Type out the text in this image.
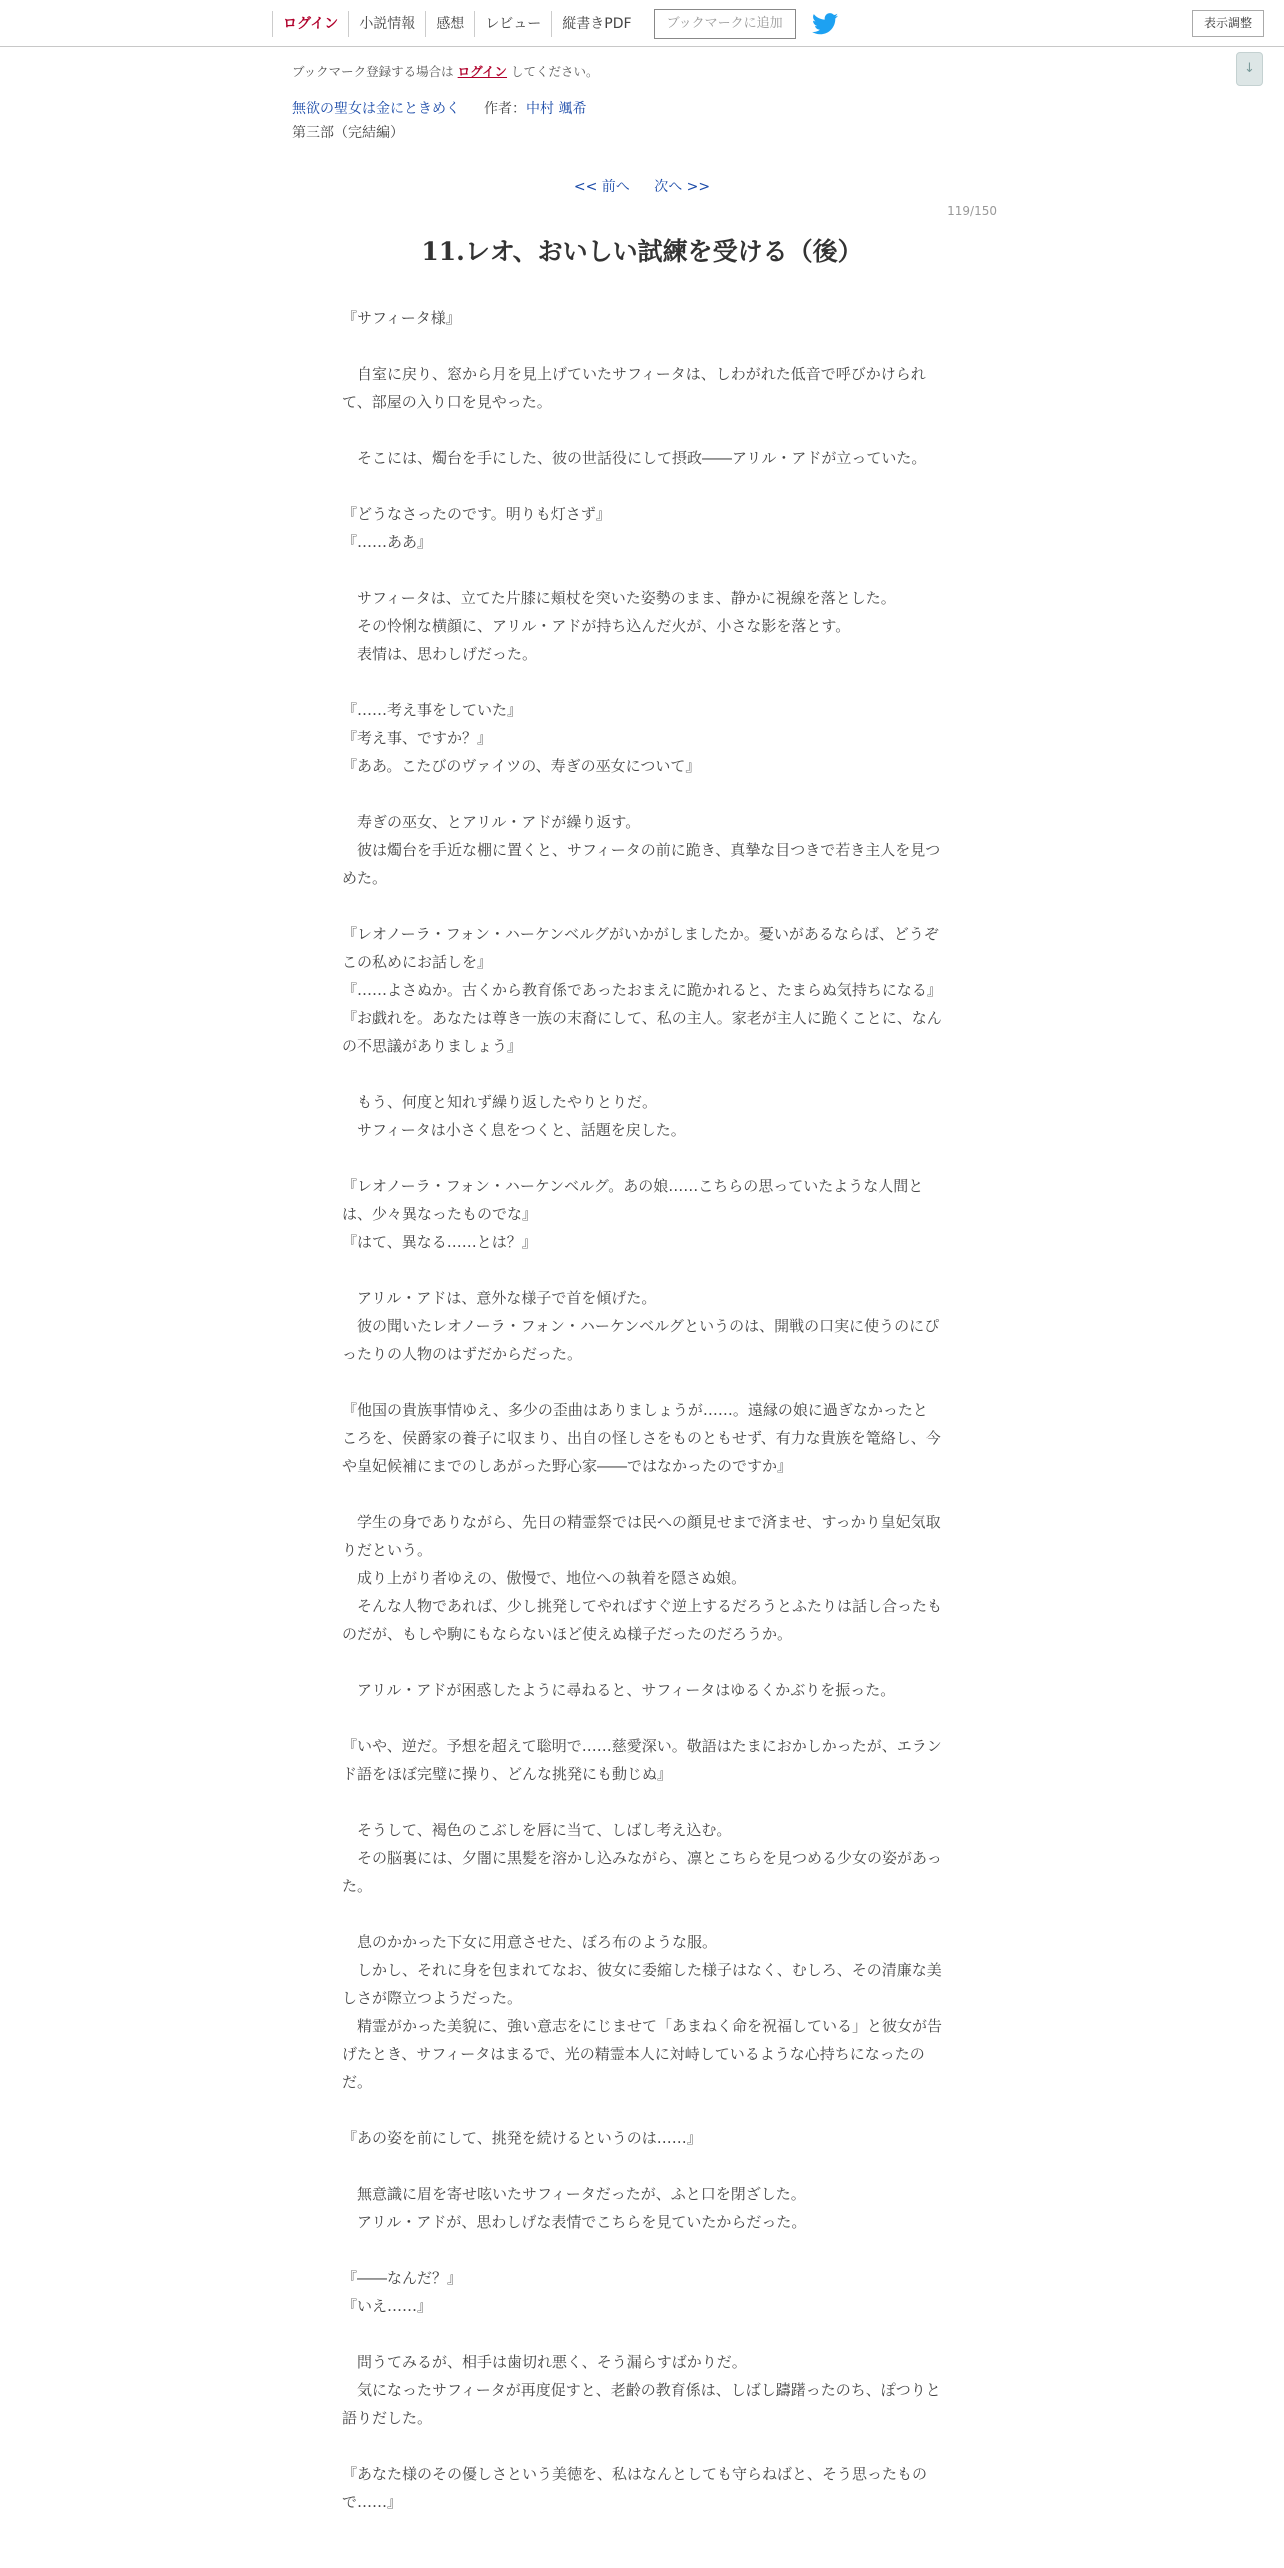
ログイン	小説情報	感想	レビュー	縦書きPDF	ブックマークに追加	表示調整
↓
ブックマーク登録する場合は ログイン してください。
無欲の聖女は金にときめく 作者：中村 颯希
第三部（完結編）
<< 前へ 次へ >>
119/150
11.レオ、おいしい試練を受ける（後）

『サフィータ様』

　自室に戻り、窓から月を見上げていたサフィータは、しわがれた低音で呼びかけられて、部屋の入り口を見やった。

　そこには、燭台を手にした、彼の世話役にして摂政――アリル・アドが立っていた。

『どうなさったのです。明りも灯さず』

『……ああ』

　サフィータは、立てた片膝に頬杖を突いた姿勢のまま、静かに視線を落とした。

　その怜悧な横顔に、アリル・アドが持ち込んだ火が、小さな影を落とす。

　表情は、思わしげだった。

『……考え事をしていた』

『考え事、ですか？』

『ああ。こたびのヴァイツの、寿ぎの巫女について』

　寿ぎの巫女、とアリル・アドが繰り返す。

　彼は燭台を手近な棚に置くと、サフィータの前に跪き、真摯な目つきで若き主人を見つめた。

『レオノーラ・フォン・ハーケンベルグがいかがしましたか。憂いがあるならば、どうぞこの私めにお話しを』

『……よさぬか。古くから教育係であったおまえに跪かれると、たまらぬ気持ちになる』

『お戯れを。あなたは尊き一族の末裔にして、私の主人。家老が主人に跪くことに、なんの不思議がありましょう』

　もう、何度と知れず繰り返したやりとりだ。

　サフィータは小さく息をつくと、話題を戻した。

『レオノーラ・フォン・ハーケンベルグ。あの娘……こちらの思っていたような人間とは、少々異なったものでな』

『はて、異なる……とは？』

　アリル・アドは、意外な様子で首を傾げた。

　彼の聞いたレオノーラ・フォン・ハーケンベルグというのは、開戦の口実に使うのにぴったりの人物のはずだからだった。

『他国の貴族事情ゆえ、多少の歪曲はありましょうが……。遠縁の娘に過ぎなかったところを、侯爵家の養子に収まり、出自の怪しさをものともせず、有力な貴族を篭絡し、今や皇妃候補にまでのしあがった野心家――ではなかったのですか』

　学生の身でありながら、先日の精霊祭では民への顔見せまで済ませ、すっかり皇妃気取りだという。

　成り上がり者ゆえの、傲慢で、地位への執着を隠さぬ娘。

　そんな人物であれば、少し挑発してやればすぐ逆上するだろうとふたりは話し合ったものだが、もしや駒にもならないほど使えぬ様子だったのだろうか。

　アリル・アドが困惑したように尋ねると、サフィータはゆるくかぶりを振った。

『いや、逆だ。予想を超えて聡明で……慈愛深い。敬語はたまにおかしかったが、エランド語をほぼ完璧に操り、どんな挑発にも動じぬ』

　そうして、褐色のこぶしを唇に当て、しばし考え込む。

　その脳裏には、夕闇に黒髪を溶かし込みながら、凛とこちらを見つめる少女の姿があった。

　息のかかった下女に用意させた、ぼろ布のような服。

　しかし、それに身を包まれてなお、彼女に委縮した様子はなく、むしろ、その清廉な美しさが際立つようだった。

　精霊がかった美貌に、強い意志をにじませて「あまねく命を祝福している」と彼女が告げたとき、サフィータはまるで、光の精霊本人に対峙しているような心持ちになったのだ。

『あの姿を前にして、挑発を続けるというのは……』

　無意識に眉を寄せ呟いたサフィータだったが、ふと口を閉ざした。

　アリル・アドが、思わしげな表情でこちらを見ていたからだった。

『――なんだ？』

『いえ……』

　問うてみるが、相手は歯切れ悪く、そう漏らすばかりだ。

　気になったサフィータが再度促すと、老齢の教育係は、しばし躊躇ったのち、ぽつりと語りだした。

『あなた様のその優しさという美徳を、私はなんとしても守らねばと、そう思ったもので……』
